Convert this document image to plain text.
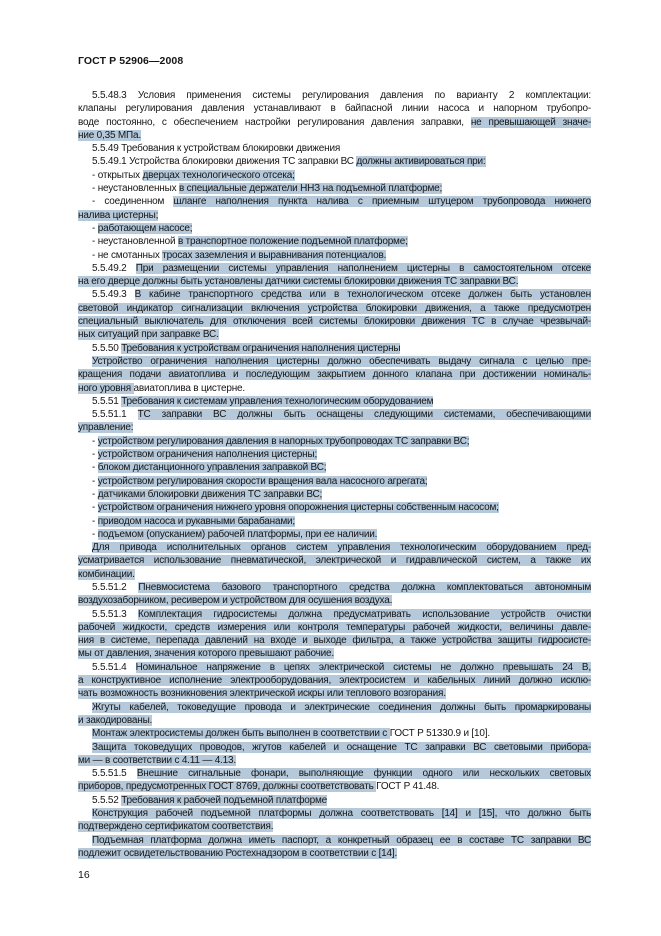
ГОСТ Р 52906—2008
5.5.48.3 Условия применения системы регулирования давления по варианту 2 комплектации:
клапаны регулирования давления устанавливают в байпасной линии насоса и напорном трубопро-
воде постоянно, с обеспечением настройки регулирования давления заправки, не превышающей значе-
ние 0,35 МПа.
5.5.49 Требования к устройствам блокировки движения
5.5.49.1 Устройства блокировки движения ТС заправки ВС должны активироваться при:
- открытых дверцах технологического отсека;
- неустановленных в специальные держатели ННЗ на подъемной платформе;
- соединенном шланге наполнения пункта налива с приемным штуцером трубопровода нижнего
налива цистерны;
- работающем насосе;
- неустановленной в транспортное положение подъемной платформе;
- не смотанных тросах заземления и выравнивания потенциалов.
5.5.49.2 При размещении системы управления наполнением цистерны в самостоятельном отсеке
на его дверце должны быть установлены датчики системы блокировки движения ТС заправки ВС.
5.5.49.3 В кабине транспортного средства или в технологическом отсеке должен быть установлен
световой индикатор сигнализации включения устройства блокировки движения, а также предусмотрен
специальный выключатель для отключения всей системы блокировки движения ТС в случае чрезвычай-
ных ситуаций при заправке ВС.
5.5.50 Требования к устройствам ограничения наполнения цистерны
Устройство ограничения наполнения цистерны должно обеспечивать выдачу сигнала с целью пре-
кращения подачи авиатоплива и последующим закрытием донного клапана при достижении номиналь-
ного уровня авиатоплива в цистерне.
5.5.51 Требования к системам управления технологическим оборудованием
5.5.51.1 ТС заправки ВС должны быть оснащены следующими системами, обеспечивающими
управление:
- устройством регулирования давления в напорных трубопроводах ТС заправки ВС;
- устройством ограничения наполнения цистерны;
- блоком дистанционного управления заправкой ВС;
- устройством регулирования скорости вращения вала насосного агрегата;
- датчиками блокировки движения ТС заправки ВС;
- устройством ограничения нижнего уровня опорожнения цистерны собственным насосом;
- приводом насоса и рукавными барабанами;
- подъемом (опусканием) рабочей платформы, при ее наличии.
Для привода исполнительных органов систем управления технологическим оборудованием пред-
усматривается использование пневматической, электрической и гидравлической систем, а также их
комбинации.
5.5.51.2 Пневмосистема базового транспортного средства должна комплектоваться автономным
воздухозаборником, ресивером и устройством для осушения воздуха.
5.5.51.3 Комплектация гидросистемы должна предусматривать использование устройств очистки
рабочей жидкости, средств измерения или контроля температуры рабочей жидкости, величины давле-
ния в системе, перепада давлений на входе и выходе фильтра, а также устройства защиты гидросисте-
мы от давления, значения которого превышают рабочие.
5.5.51.4 Номинальное напряжение в цепях электрической системы не должно превышать 24 В,
а конструктивное исполнение электрооборудования, электросистем и кабельных линий должно исклю-
чать возможность возникновения электрической искры или теплового возгорания.
Жгуты кабелей, токоведущие провода и электрические соединения должны быть промаркированы
и закодированы.
Монтаж электросистемы должен быть выполнен в соответствии с ГОСТ Р 51330.9 и [10].
Защита токоведущих проводов, жгутов кабелей и оснащение ТС заправки ВС световыми прибора-
ми — в соответствии с 4.11 — 4.13.
5.5.51.5 Внешние сигнальные фонари, выполняющие функции одного или нескольких световых
приборов, предусмотренных ГОСТ 8769, должны соответствовать ГОСТ Р 41.48.
5.5.52 Требования к рабочей подъемной платформе
Конструкция рабочей подъемной платформы должна соответствовать [14] и [15], что должно быть
подтверждено сертификатом соответствия.
Подъемная платформа должна иметь паспорт, а конкретный образец ее в составе ТС заправки ВС
подлежит освидетельствованию Ростехнадзором в соответствии с [14].
16
